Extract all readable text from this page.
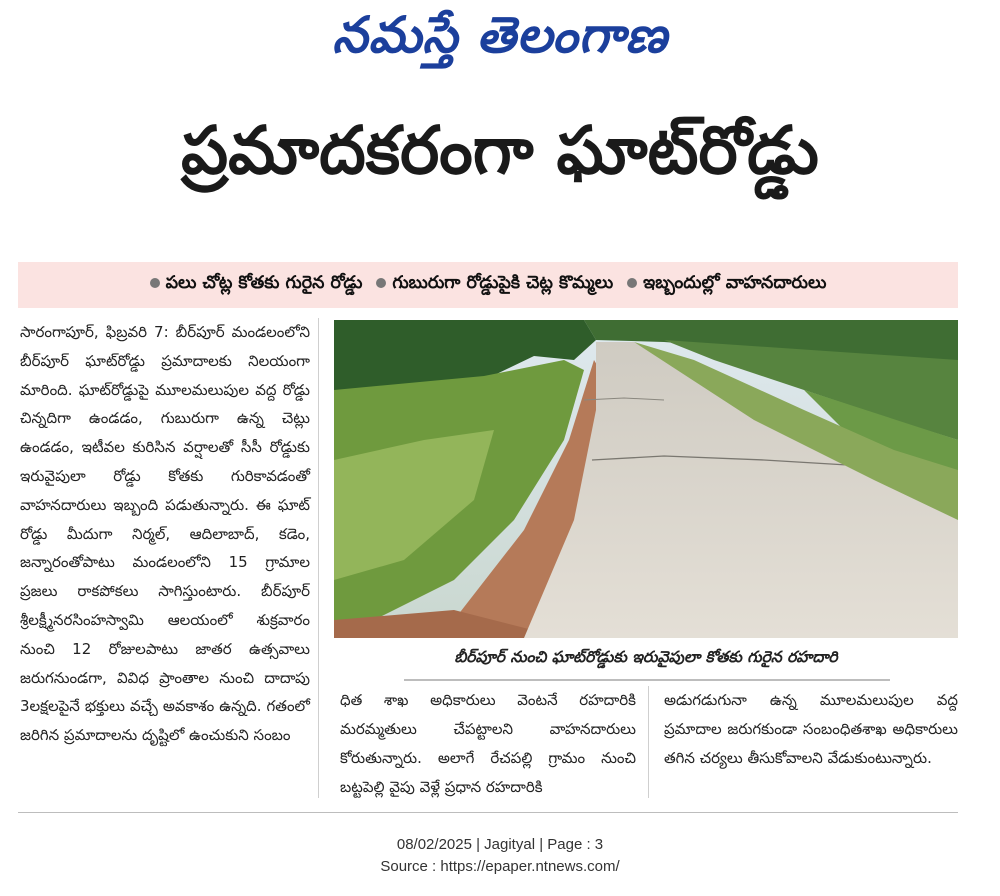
నమస్తే తెలంగాణ
ప్రమాదకరంగా ఘాట్‌రోడ్డు
పలు చోట్ల కోతకు గురైన రోడ్డు	గుబురుగా రోడ్డుపైకి చెట్ల కొమ్మలు	ఇబ్బందుల్లో వాహనదారులు

సారంగాపూర్‌, ఫిబ్రవరి 7: బీర్‌పూర్‌ మండలంలోని బీర్‌పూర్‌ ఘాట్‌రోడ్డు ప్రమాదాలకు నిలయంగా మారింది. ఘాట్‌రోడ్డుపై మూలమలుపుల వద్ద రోడ్డు చిన్నదిగా ఉండడం, గుబురుగా ఉన్న చెట్లు ఉండడం, ఇటీవల కురిసిన వర్షాలతో సీసీ రోడ్డుకు ఇరువైపులా రోడ్డు కోతకు గురికావడంతో వాహనదారులు ఇబ్బంది పడుతున్నారు. ఈ ఘాట్‌ రోడ్డు మీదుగా నిర్మల్‌, ఆదిలాబాద్‌, కడెం, జన్నారంతోపాటు మండలంలోని 15 గ్రామాల ప్రజలు రాకపోకలు సాగిస్తుంటారు. బీర్‌పూర్‌ శ్రీలక్ష్మీనరసింహస్వామి ఆలయంలో శుక్రవారం నుంచి 12 రోజులపాటు జాతర ఉత్సవాలు జరుగనుండగా, వివిధ ప్రాంతాల నుంచి దాదాపు 3లక్షలపైనే భక్తులు వచ్చే అవకాశం ఉన్నది. గతంలో జరిగిన ప్రమాదాలను దృష్టిలో ఉంచుకుని సంబం

బీర్‌పూర్‌ నుంచి ఘాట్‌రోడ్డుకు ఇరువైపులా కోతకు గురైన రహదారి

ధిత శాఖ అధికారులు వెంటనే రహదారికి మరమ్మతులు చేపట్టాలని వాహనదారులు కోరుతున్నారు. అలాగే రేచపల్లి గ్రామం నుంచి బట్టపెల్లి వైపు వెళ్లే ప్రధాన రహదారికి

అడుగడుగునా ఉన్న మూలమలుపుల వద్ద ప్రమాదాల జరుగకుండా సంబంధితశాఖ అధికారులు తగిన చర్యలు తీసుకోవాలని వేడుకుంటున్నారు.

08/02/2025 | Jagityal | Page : 3
Source : https://epaper.ntnews.com/
